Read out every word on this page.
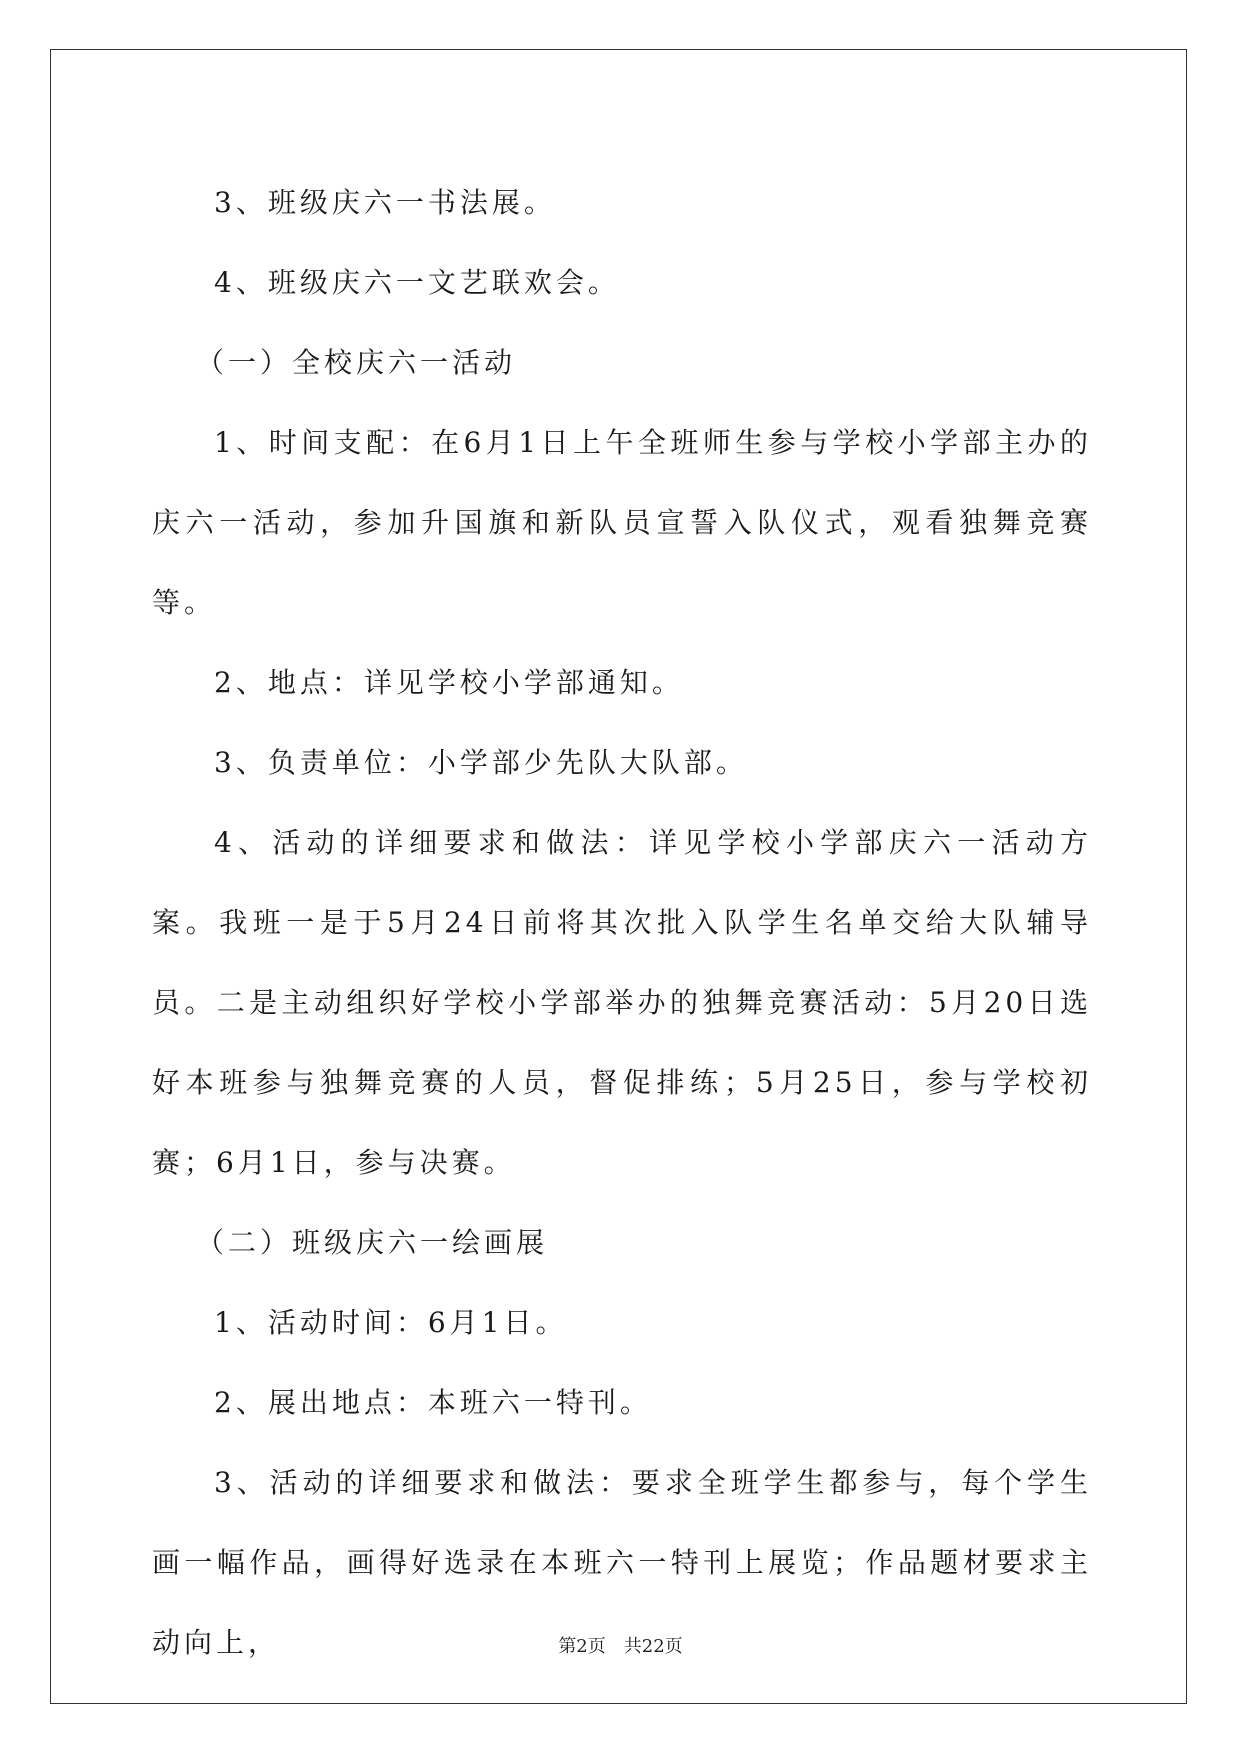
3、班级庆六一书法展。

4、班级庆六一文艺联欢会。

（一）全校庆六一活动

1、时间支配：在6月1日上午全班师生参与学校小学部主办的庆六一活动，参加升国旗和新队员宣誓入队仪式，观看独舞竞赛等。

2、地点：详见学校小学部通知。

3、负责单位：小学部少先队大队部。

4、活动的详细要求和做法：详见学校小学部庆六一活动方案。我班一是于5月24日前将其次批入队学生名单交给大队辅导员。二是主动组织好学校小学部举办的独舞竞赛活动：5月20日选好本班参与独舞竞赛的人员，督促排练；5月25日，参与学校初赛；6月1日，参与决赛。

（二）班级庆六一绘画展

1、活动时间：6月1日。

2、展出地点：本班六一特刊。

3、活动的详细要求和做法：要求全班学生都参与，每个学生画一幅作品，画得好选录在本班六一特刊上展览；作品题材要求主动向上，	第2页　共22页
